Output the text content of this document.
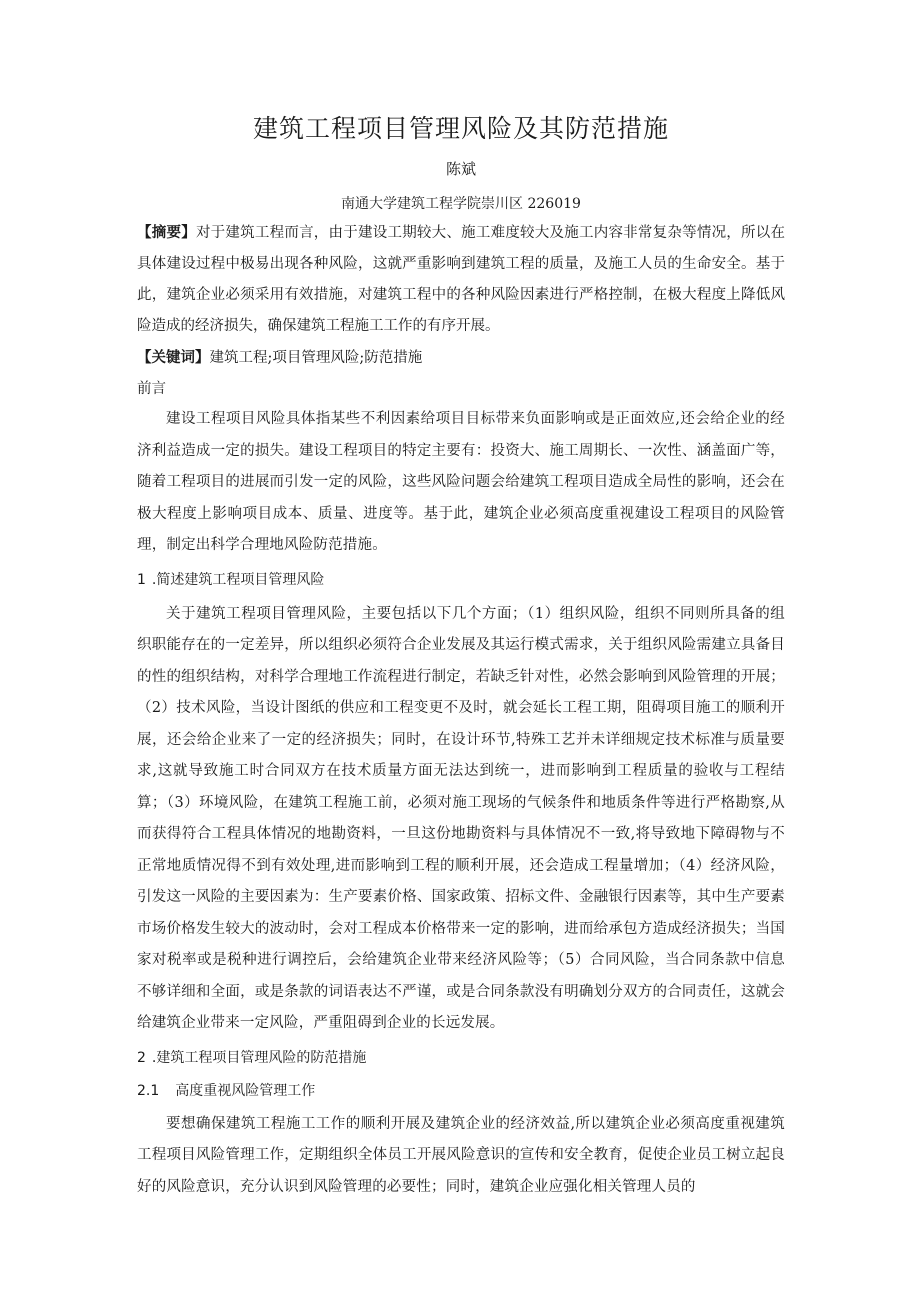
建筑工程项目管理风险及其防范措施

陈斌

南通大学建筑工程学院崇川区 226019

【摘要】对于建筑工程而言，由于建设工期较大、施工难度较大及施工内容非常复杂等情况，所以在具体建设过程中极易出现各种风险，这就严重影响到建筑工程的质量，及施工人员的生命安全。基于此，建筑企业必须采用有效措施，对建筑工程中的各种风险因素进行严格控制，在极大程度上降低风险造成的经济损失，确保建筑工程施工工作的有序开展。

【关键词】建筑工程;项目管理风险;防范措施

前言

建设工程项目风险具体指某些不利因素给项目目标带来负面影响或是正面效应,还会给企业的经济利益造成一定的损失。建设工程项目的特定主要有：投资大、施工周期长、一次性、涵盖面广等，随着工程项目的进展而引发一定的风险，这些风险问题会给建筑工程项目造成全局性的影响，还会在极大程度上影响项目成本、质量、进度等。基于此，建筑企业必须高度重视建设工程项目的风险管理，制定出科学合理地风险防范措施。

1 .简述建筑工程项目管理风险

关于建筑工程项目管理风险，主要包括以下几个方面；（1）组织风险，组织不同则所具备的组织职能存在的一定差异，所以组织必须符合企业发展及其运行模式需求，关于组织风险需建立具备目的性的组织结构，对科学合理地工作流程进行制定，若缺乏针对性，必然会影响到风险管理的开展；（2）技术风险，当设计图纸的供应和工程变更不及时，就会延长工程工期，阻碍项目施工的顺利开展，还会给企业来了一定的经济损失；同时，在设计环节,特殊工艺并未详细规定技术标准与质量要求,这就导致施工时合同双方在技术质量方面无法达到统一，进而影响到工程质量的验收与工程结算；（3）环境风险，在建筑工程施工前，必须对施工现场的气候条件和地质条件等进行严格勘察,从而获得符合工程具体情况的地勘资料，一旦这份地勘资料与具体情况不一致,将导致地下障碍物与不正常地质情况得不到有效处理,进而影响到工程的顺利开展，还会造成工程量增加；（4）经济风险，引发这一风险的主要因素为：生产要素价格、国家政策、招标文件、金融银行因素等，其中生产要素市场价格发生较大的波动时，会对工程成本价格带来一定的影响，进而给承包方造成经济损失；当国家对税率或是税种进行调控后，会给建筑企业带来经济风险等；（5）合同风险，当合同条款中信息不够详细和全面，或是条款的词语表达不严谨，或是合同条款没有明确划分双方的合同责任，这就会给建筑企业带来一定风险，严重阻碍到企业的长远发展。

2 .建筑工程项目管理风险的防范措施
2.1 高度重视风险管理工作

要想确保建筑工程施工工作的顺利开展及建筑企业的经济效益,所以建筑企业必须高度重视建筑工程项目风险管理工作，定期组织全体员工开展风险意识的宣传和安全教育，促使企业员工树立起良好的风险意识，充分认识到风险管理的必要性；同时，建筑企业应强化相关管理人员的
